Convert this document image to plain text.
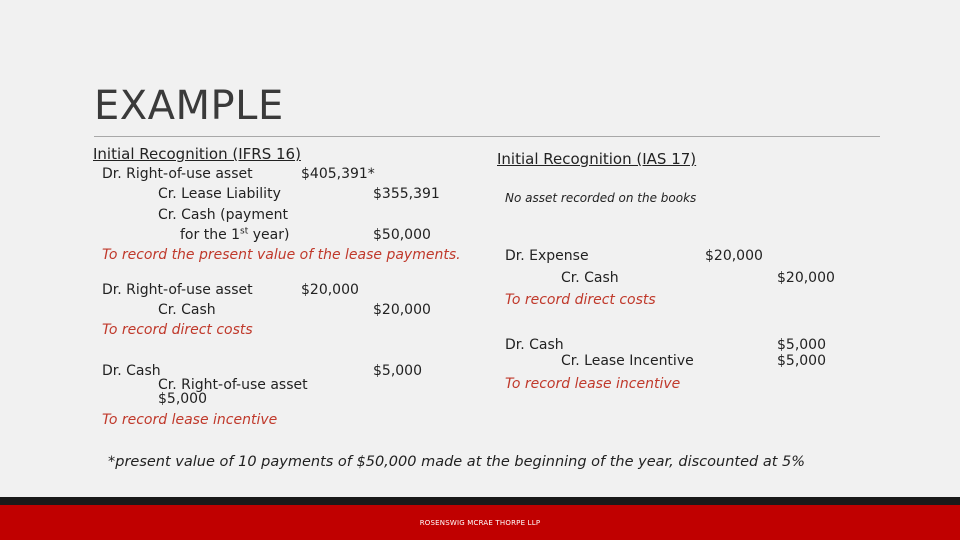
EXAMPLE
Initial Recognition (IFRS 16)
Dr. Right-of-use asset	$405,391*
Cr. Lease Liability	$355,391
Cr. Cash (payment
for the 1st year)	$50,000
To record the present value of the lease payments.
Dr. Right-of-use asset	$20,000
Cr. Cash	$20,000
To record direct costs
Dr. Cash	$5,000
Cr. Right-of-use asset
$5,000
To record lease incentive
Initial Recognition (IAS 17)
No asset recorded on the books
Dr. Expense	$20,000
Cr. Cash	$20,000
To record direct costs
Dr. Cash	$5,000
Cr. Lease Incentive	$5,000
To record lease incentive
*present value of 10 payments of $50,000 made at the beginning of the year, discounted at 5%
ROSENSWIG MCRAE THORPE LLP
